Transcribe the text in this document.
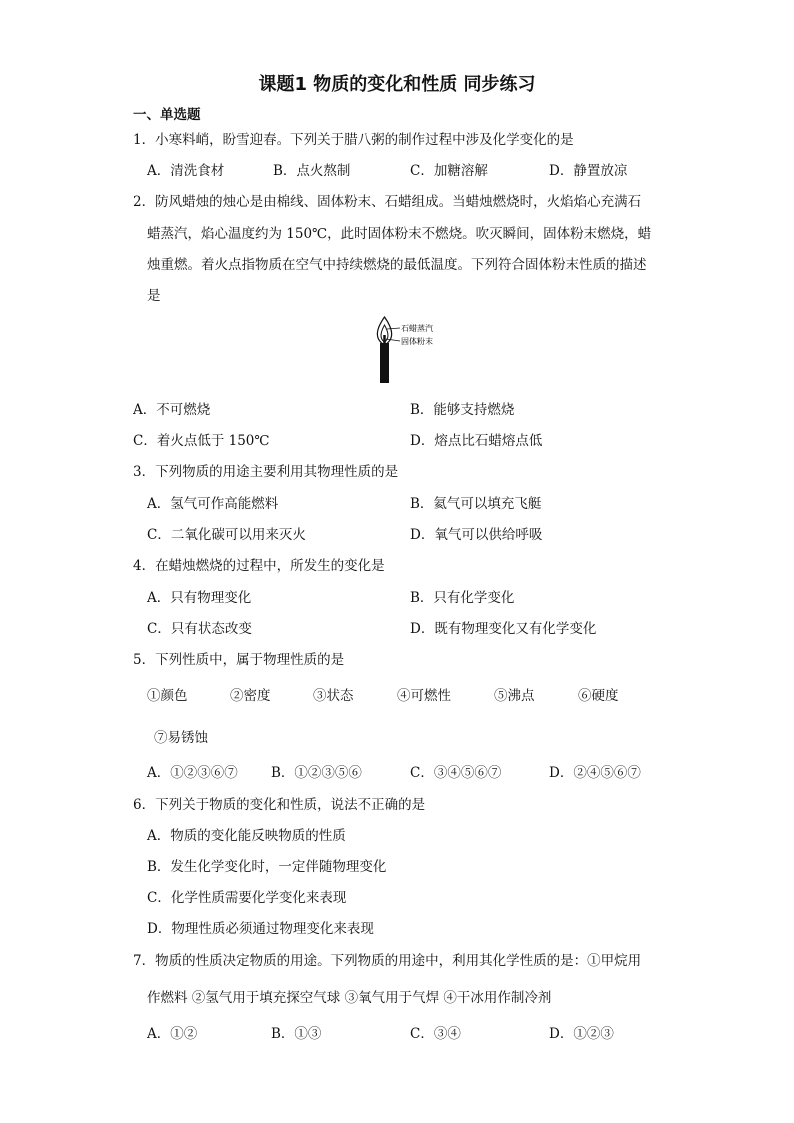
课题1 物质的变化和性质 同步练习
一、单选题
1．小寒料峭，盼雪迎春。下列关于腊八粥的制作过程中涉及化学变化的是
A．清洗食材	B．点火熬制	C．加糖溶解	D．静置放凉
2．防风蜡烛的烛心是由棉线、固体粉末、石蜡组成。当蜡烛燃烧时，火焰焰心充满石
蜡蒸汽，焰心温度约为 150℃，此时固体粉末不燃烧。吹灭瞬间，固体粉末燃烧，蜡
烛重燃。着火点指物质在空气中持续燃烧的最低温度。下列符合固体粉末性质的描述
是
石蜡蒸汽
固体粉末
A．不可燃烧	B．能够支持燃烧
C．着火点低于 150℃	D．熔点比石蜡熔点低
3．下列物质的用途主要利用其物理性质的是
A．氢气可作高能燃料	B．氦气可以填充飞艇
C．二氧化碳可以用来灭火	D．氧气可以供给呼吸
4．在蜡烛燃烧的过程中，所发生的变化是
A．只有物理变化	B．只有化学变化
C．只有状态改变	D．既有物理变化又有化学变化
5．下列性质中，属于物理性质的是
①颜色	②密度	③状态	④可燃性	⑤沸点	⑥硬度
⑦易锈蚀
A．①②③⑥⑦ B．①②③⑤⑥	C．③④⑤⑥⑦	D．②④⑤⑥⑦
6．下列关于物质的变化和性质，说法不正确的是
A．物质的变化能反映物质的性质
B．发生化学变化时，一定伴随物理变化
C．化学性质需要化学变化来表现
D．物理性质必须通过物理变化来表现
7．物质的性质决定物质的用途。下列物质的用途中，利用其化学性质的是：①甲烷用
作燃料 ②氢气用于填充探空气球 ③氧气用于气焊 ④干冰用作制冷剂
A．①②	B．①③	C．③④	D．①②③
